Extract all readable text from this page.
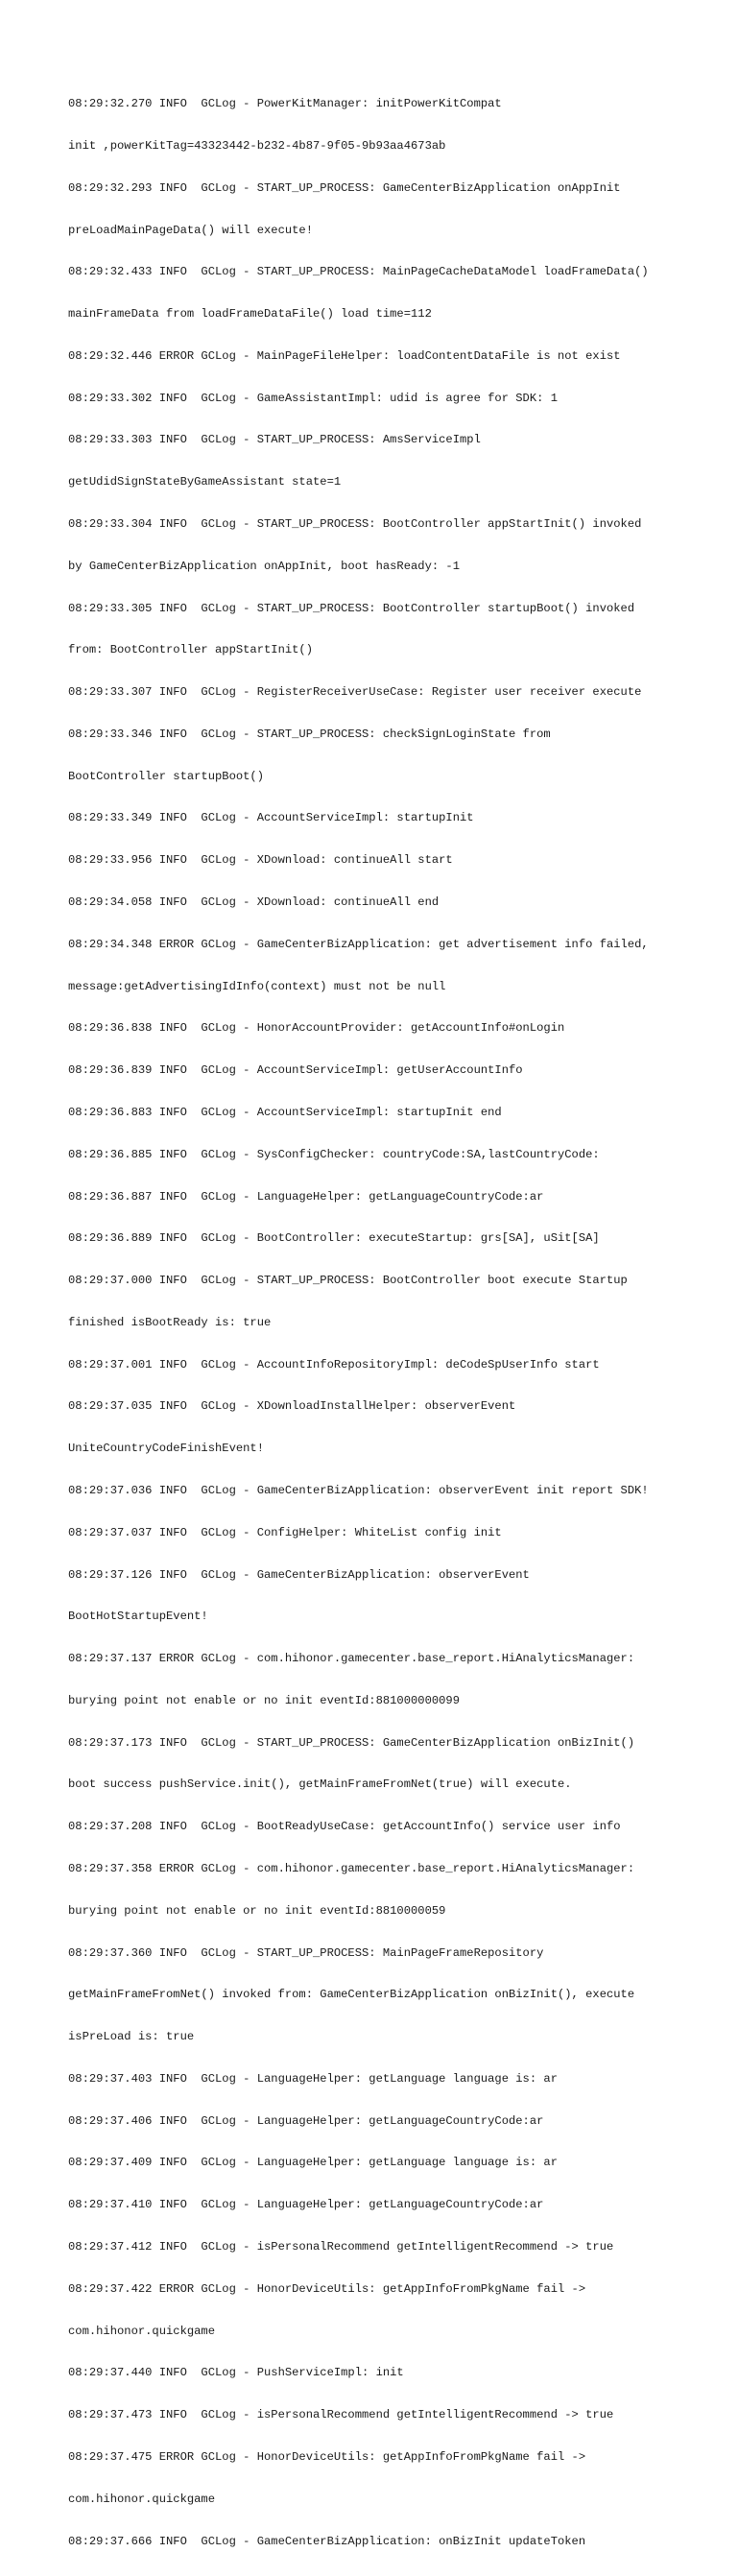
08:29:32.270 INFO  GCLog - PowerKitManager: initPowerKitCompat

init ,powerKitTag=43323442-b232-4b87-9f05-9b93aa4673ab

08:29:32.293 INFO  GCLog - START_UP_PROCESS: GameCenterBizApplication onAppInit

preLoadMainPageData() will execute!

08:29:32.433 INFO  GCLog - START_UP_PROCESS: MainPageCacheDataModel loadFrameData()

mainFrameData from loadFrameDataFile() load time=112

08:29:32.446 ERROR GCLog - MainPageFileHelper: loadContentDataFile is not exist

08:29:33.302 INFO  GCLog - GameAssistantImpl: udid is agree for SDK: 1

08:29:33.303 INFO  GCLog - START_UP_PROCESS: AmsServiceImpl

getUdidSignStateByGameAssistant state=1

08:29:33.304 INFO  GCLog - START_UP_PROCESS: BootController appStartInit() invoked

by GameCenterBizApplication onAppInit, boot hasReady: -1

08:29:33.305 INFO  GCLog - START_UP_PROCESS: BootController startupBoot() invoked

from: BootController appStartInit()

08:29:33.307 INFO  GCLog - RegisterReceiverUseCase: Register user receiver execute

08:29:33.346 INFO  GCLog - START_UP_PROCESS: checkSignLoginState from

BootController startupBoot()

08:29:33.349 INFO  GCLog - AccountServiceImpl: startupInit

08:29:33.956 INFO  GCLog - XDownload: continueAll start

08:29:34.058 INFO  GCLog - XDownload: continueAll end

08:29:34.348 ERROR GCLog - GameCenterBizApplication: get advertisement info failed,

message:getAdvertisingIdInfo(context) must not be null

08:29:36.838 INFO  GCLog - HonorAccountProvider: getAccountInfo#onLogin

08:29:36.839 INFO  GCLog - AccountServiceImpl: getUserAccountInfo

08:29:36.883 INFO  GCLog - AccountServiceImpl: startupInit end

08:29:36.885 INFO  GCLog - SysConfigChecker: countryCode:SA,lastCountryCode:

08:29:36.887 INFO  GCLog - LanguageHelper: getLanguageCountryCode:ar

08:29:36.889 INFO  GCLog - BootController: executeStartup: grs[SA], uSit[SA]

08:29:37.000 INFO  GCLog - START_UP_PROCESS: BootController boot execute Startup

finished isBootReady is: true

08:29:37.001 INFO  GCLog - AccountInfoRepositoryImpl: deCodeSpUserInfo start

08:29:37.035 INFO  GCLog - XDownloadInstallHelper: observerEvent

UniteCountryCodeFinishEvent!

08:29:37.036 INFO  GCLog - GameCenterBizApplication: observerEvent init report SDK!

08:29:37.037 INFO  GCLog - ConfigHelper: WhiteList config init

08:29:37.126 INFO  GCLog - GameCenterBizApplication: observerEvent

BootHotStartupEvent!

08:29:37.137 ERROR GCLog - com.hihonor.gamecenter.base_report.HiAnalyticsManager:

burying point not enable or no init eventId:881000000099

08:29:37.173 INFO  GCLog - START_UP_PROCESS: GameCenterBizApplication onBizInit()

boot success pushService.init(), getMainFrameFromNet(true) will execute.

08:29:37.208 INFO  GCLog - BootReadyUseCase: getAccountInfo() service user info

08:29:37.358 ERROR GCLog - com.hihonor.gamecenter.base_report.HiAnalyticsManager:

burying point not enable or no init eventId:8810000059

08:29:37.360 INFO  GCLog - START_UP_PROCESS: MainPageFrameRepository

getMainFrameFromNet() invoked from: GameCenterBizApplication onBizInit(), execute

isPreLoad is: true

08:29:37.403 INFO  GCLog - LanguageHelper: getLanguage language is: ar

08:29:37.406 INFO  GCLog - LanguageHelper: getLanguageCountryCode:ar

08:29:37.409 INFO  GCLog - LanguageHelper: getLanguage language is: ar

08:29:37.410 INFO  GCLog - LanguageHelper: getLanguageCountryCode:ar

08:29:37.412 INFO  GCLog - isPersonalRecommend getIntelligentRecommend -> true

08:29:37.422 ERROR GCLog - HonorDeviceUtils: getAppInfoFromPkgName fail ->

com.hihonor.quickgame

08:29:37.440 INFO  GCLog - PushServiceImpl: init

08:29:37.473 INFO  GCLog - isPersonalRecommend getIntelligentRecommend -> true

08:29:37.475 ERROR GCLog - HonorDeviceUtils: getAppInfoFromPkgName fail ->

com.hihonor.quickgame

08:29:37.666 INFO  GCLog - GameCenterBizApplication: onBizInit updateToken
